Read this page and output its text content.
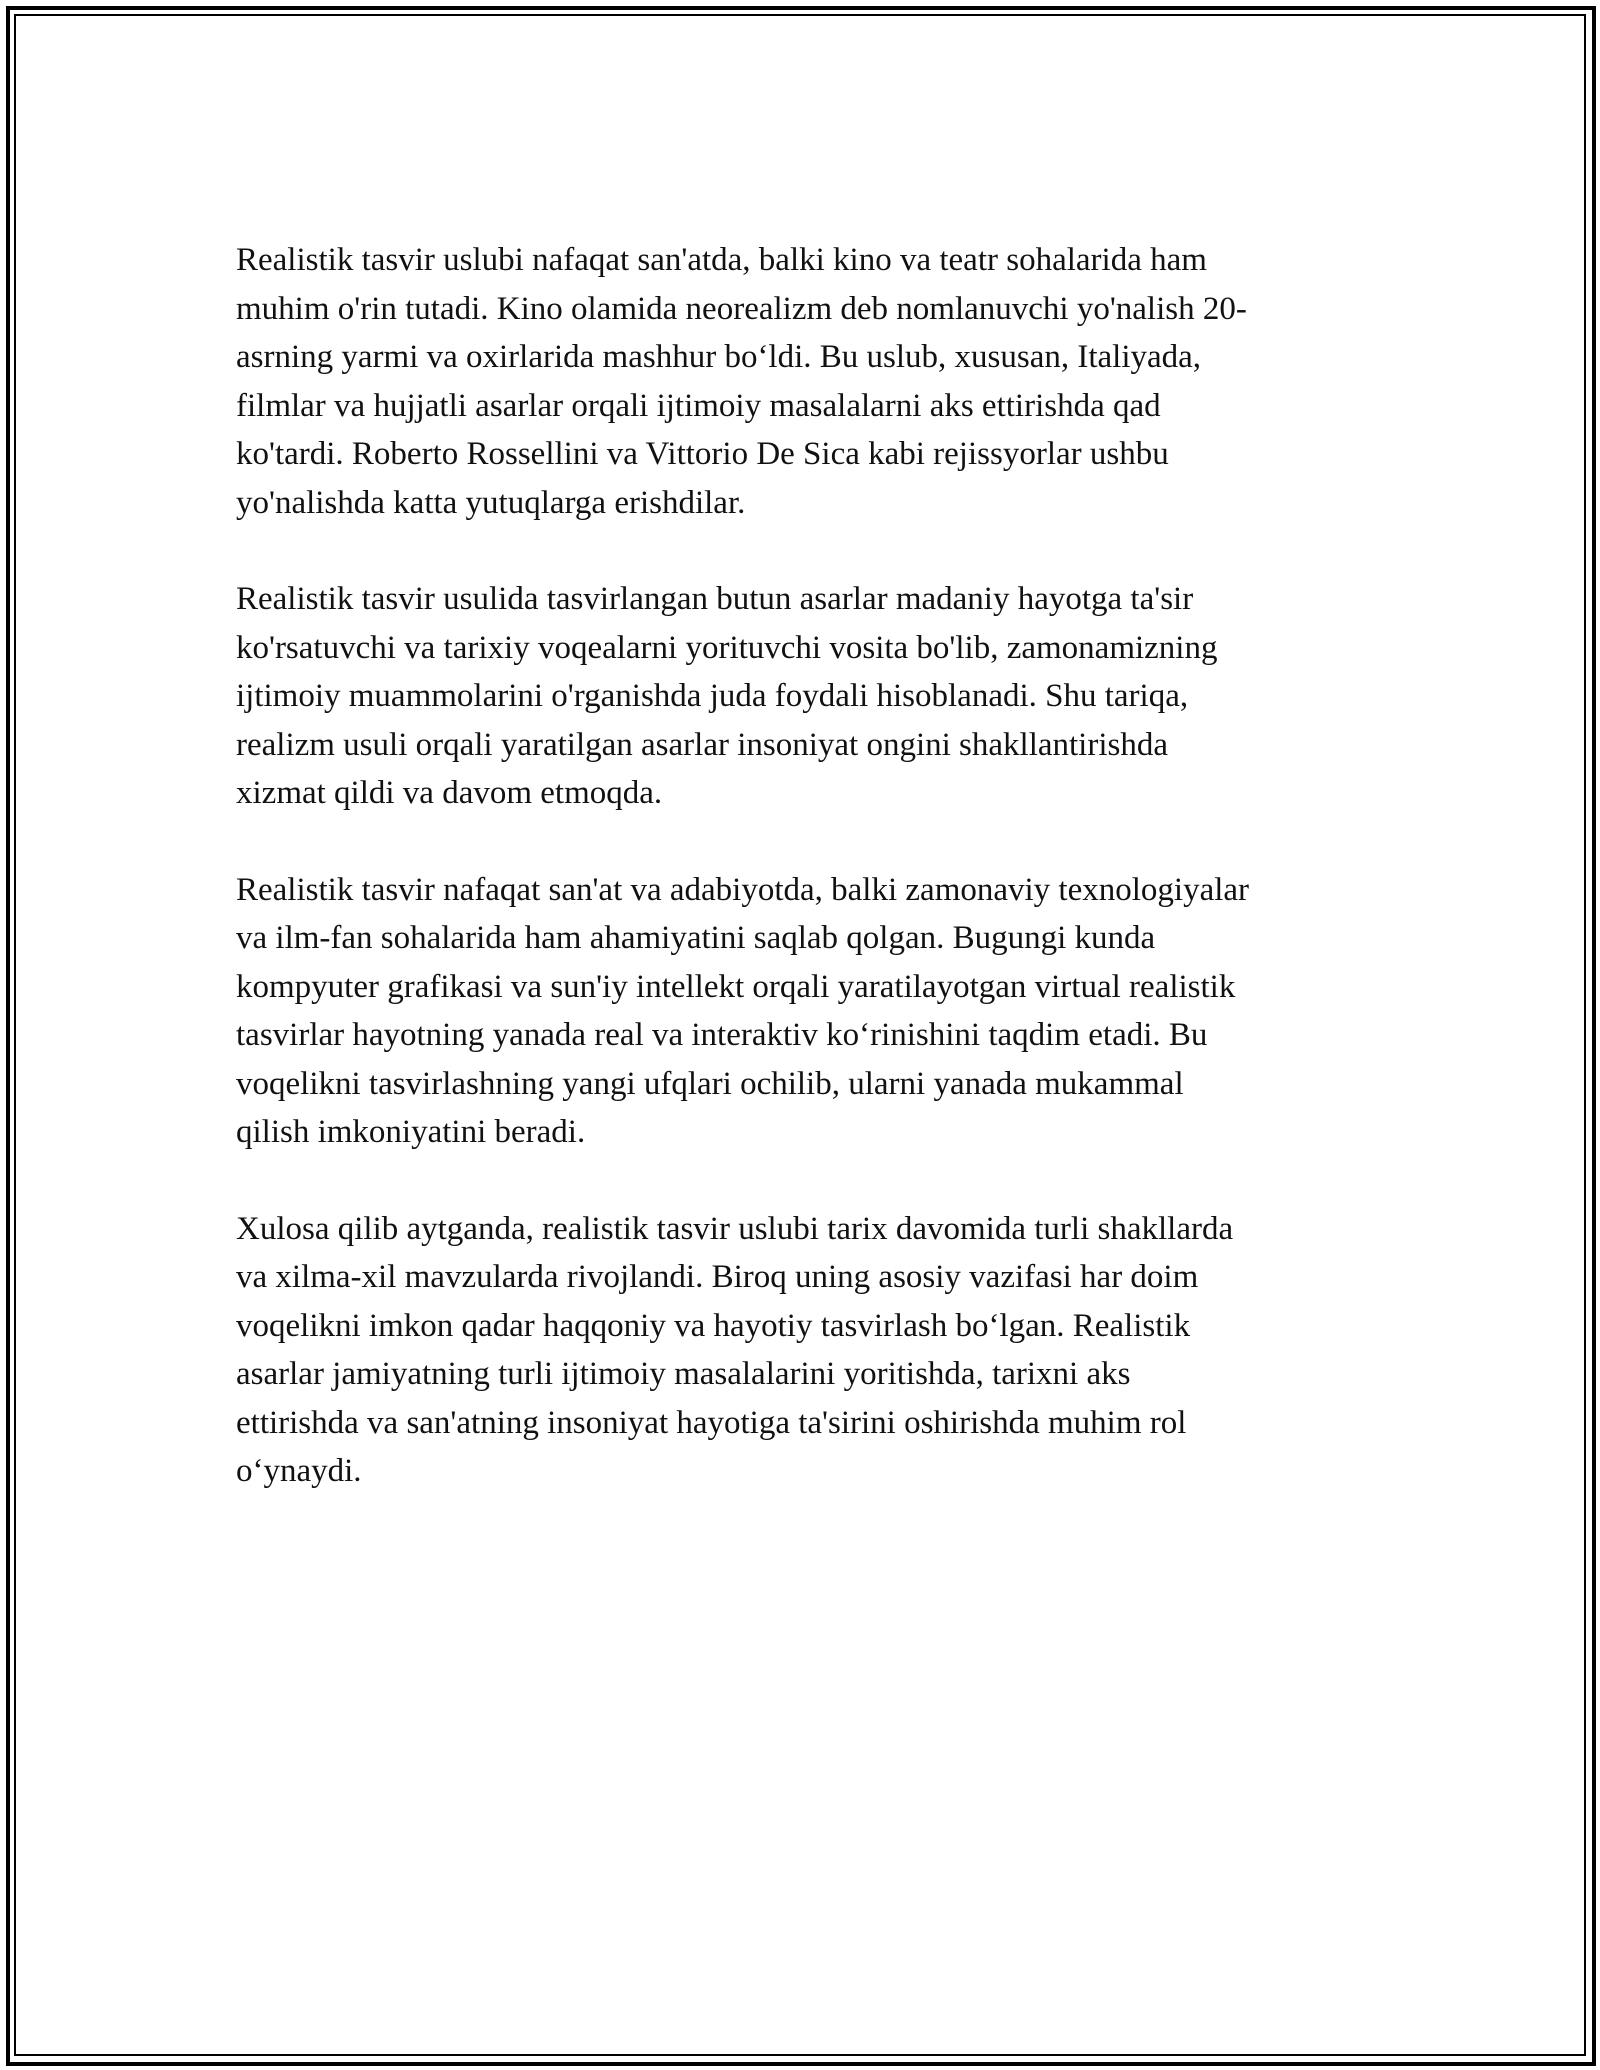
Realistik tasvir uslubi nafaqat san'atda, balki kino va teatr sohalarida ham
muhim o'rin tutadi. Kino olamida neorealizm deb nomlanuvchi yo'nalish 20-
asrning yarmi va oxirlarida mashhur bo‘ldi. Bu uslub, xususan, Italiyada,
filmlar va hujjatli asarlar orqali ijtimoiy masalalarni aks ettirishda qad
ko'tardi. Roberto Rossellini va Vittorio De Sica kabi rejissyorlar ushbu
yo'nalishda katta yutuqlarga erishdilar.

Realistik tasvir usulida tasvirlangan butun asarlar madaniy hayotga ta'sir
ko'rsatuvchi va tarixiy voqealarni yorituvchi vosita bo'lib, zamonamizning
ijtimoiy muammolarini o'rganishda juda foydali hisoblanadi. Shu tariqa,
realizm usuli orqali yaratilgan asarlar insoniyat ongini shakllantirishda
xizmat qildi va davom etmoqda.

Realistik tasvir nafaqat san'at va adabiyotda, balki zamonaviy texnologiyalar
va ilm-fan sohalarida ham ahamiyatini saqlab qolgan. Bugungi kunda
kompyuter grafikasi va sun'iy intellekt orqali yaratilayotgan virtual realistik
tasvirlar hayotning yanada real va interaktiv ko‘rinishini taqdim etadi. Bu
voqelikni tasvirlashning yangi ufqlari ochilib, ularni yanada mukammal
qilish imkoniyatini beradi.

Xulosa qilib aytganda, realistik tasvir uslubi tarix davomida turli shakllarda
va xilma-xil mavzularda rivojlandi. Biroq uning asosiy vazifasi har doim
voqelikni imkon qadar haqqoniy va hayotiy tasvirlash bo‘lgan. Realistik
asarlar jamiyatning turli ijtimoiy masalalarini yoritishda, tarixni aks
ettirishda va san'atning insoniyat hayotiga ta'sirini oshirishda muhim rol
o‘ynaydi.
